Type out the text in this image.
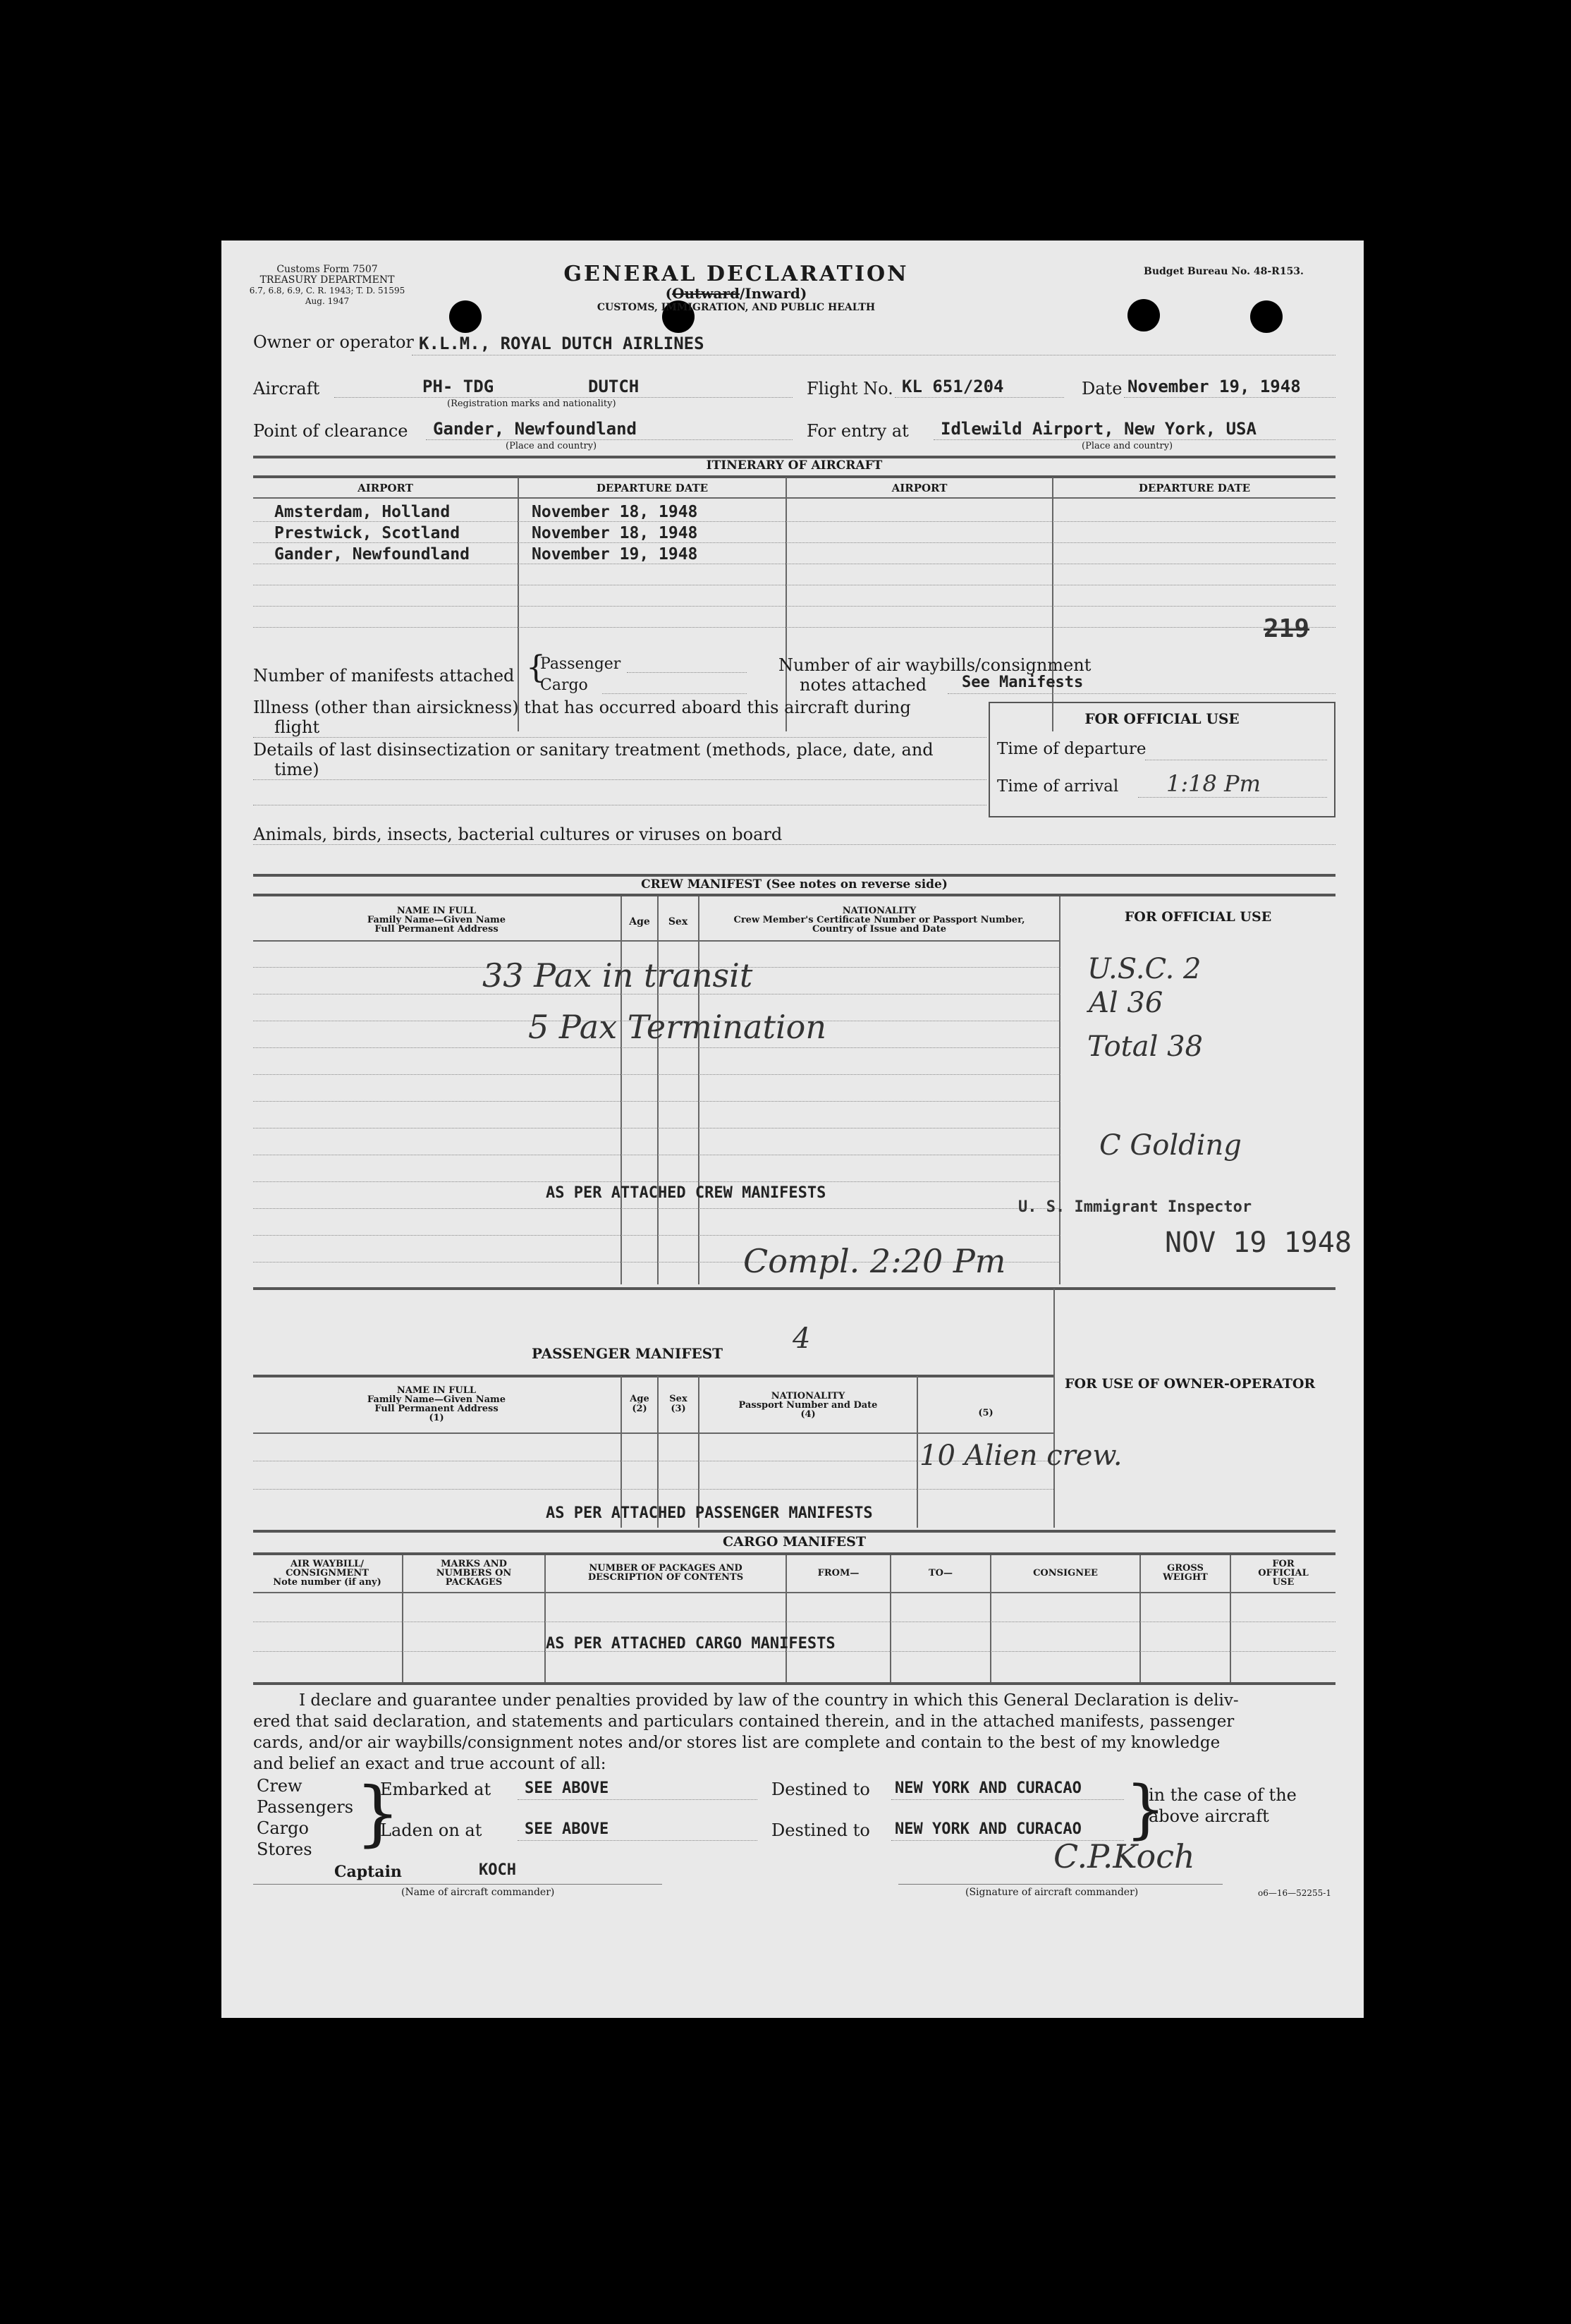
Customs Form 7507
TREASURY DEPARTMENT
6.7, 6.8, 6.9, C. R. 1943; T. D. 51595
Aug. 1947
GENERAL DECLARATION
(Outward/Inward)
CUSTOMS, IMMIGRATION, AND PUBLIC HEALTH
Budget Bureau No. 48-R153.
Owner or operator K.L.M., ROYAL DUTCH AIRLINES
Aircraft	PH- TDG	DUTCH
(Registration marks and nationality)
Flight No. KL 651/204	Date November 19, 1948
Point of clearance Gander, Newfoundland
(Place and country)
For entry at Idlewild Airport, New York, USA
(Place and country)
ITINERARY OF AIRCRAFT
AIRPORT	DEPARTURE DATE	AIRPORT	DEPARTURE DATE
Amsterdam, Holland	November 18, 1948
Prestwick, Scotland	November 18, 1948
Gander, Newfoundland	November 19, 1948
219
Number of manifests attached {
Passenger
Cargo
Number of air waybills/consignment
notes attached See Manifests
Illness (other than airsickness) that has occurred aboard this aircraft during
flight
Details of last disinsectization or sanitary treatment (methods, place, date, and
time)
Animals, birds, insects, bacterial cultures or viruses on board
FOR OFFICIAL USE
Time of departure
Time of arrival 1:18 Pm
CREW MANIFEST (See notes on reverse side)
NAME IN FULL
Family Name—Given Name
Full Permanent Address
Age	Sex
NATIONALITY
Crew Member's Certificate Number or Passport Number,
Country of Issue and Date
FOR OFFICIAL USE
33 Pax in transit
5 Pax Termination
AS PER ATTACHED CREW MANIFESTS
Compl. 2:20 Pm
U.S.C. 2
Al 36
Total 38
C Golding
U. S. Immigrant Inspector
NOV 19 1948
PASSENGER MANIFEST 4
NAME IN FULL
Family Name—Given Name
Full Permanent Address
(1)
Age
(2)
Sex
(3)
NATIONALITY
Passport Number and Date
(4)	(5)
FOR USE OF OWNER-OPERATOR
10 Alien crew.
AS PER ATTACHED PASSENGER MANIFESTS
CARGO MANIFEST
AIR WAYBILL/
CONSIGNMENT
Note number (if any)
MARKS AND
NUMBERS ON
PACKAGES
NUMBER OF PACKAGES AND
DESCRIPTION OF CONTENTS	FROM—	TO—	CONSIGNEE	GROSS
WEIGHT
FOR
OFFICIAL
USE
AS PER ATTACHED CARGO MANIFESTS
I declare and guarantee under penalties provided by law of the country in which this General Declaration is deliv-
ered that said declaration, and statements and particulars contained therein, and in the attached manifests, passenger
cards, and/or air waybills/consignment notes and/or stores list are complete and contain to the best of my knowledge
and belief an exact and true account of all:
Crew
Passengers
Cargo
Stores }
Embarked at SEE ABOVE	Destined to NEW YORK AND CURACAO
Laden on at	SEE ABOVE	Destined to NEW YORK AND CURACAO }
in the case of the
above aircraft
Captain	KOCH
(Name of aircraft commander)
C.P.Koch
(Signature of aircraft commander)	o6—16—52255-1
